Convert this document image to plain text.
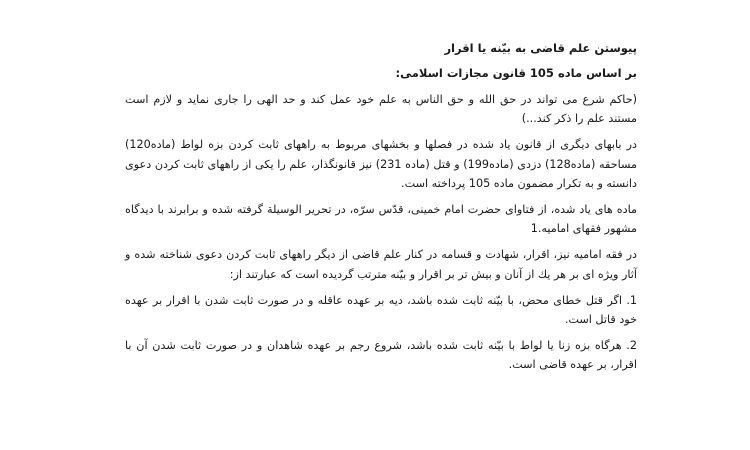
پیوستن علم قاضی به بیّنه یا اقرار
بر اساس ماده 105 قانون مجازات اسلامی:

(حاکم شرع می تواند در حق الله و حق الناس به علم خود عمل کند و حد الهی را جاری نماید و لازم است مستند علم را ذکر کند...)

در بابهای دیگری از قانون یاد شده در فصلها و بخشهای مربوط به راههای ثابت کردن بزه لواط (ماده120) مساحقه (ماده128) دزدی (ماده199) و قتل (ماده 231) نیز قانونگذار، علم را یکی از راههای ثابت کردن دعوی دانسته و به تکرار مضمون ماده 105 پرداخته است.

ماده های یاد شده، از فتاوای حضرت امام خمینی، قدّس سرّه، در تحریر الوسیلة گرفته شده و برابرند با دیدگاه مشهور فقهای امامیه.1

در فقه امامیه نیز، اقرار، شهادت و قسامه در کنار علم قاضی از دیگر راههای ثابت کردن دعوی شناخته شده و آثار ویژه ای بر هر یك از آنان و بیش تر بر اقرار و بیّنه مترتب گردیده است که عبارتند از:

1. اگر قتل خطای محض، با بیّنه ثابت شده باشد، دیه بر عهده عاقله و در صورت ثابت شدن با اقرار بر عهده خود قاتل است.

2. هرگاه بزه زنا یا لواط با بیّنه ثابت شده باشد، شروع رجم بر عهده شاهدان و در صورت ثابت شدن آن با اقرار، بر عهده قاضی است.
